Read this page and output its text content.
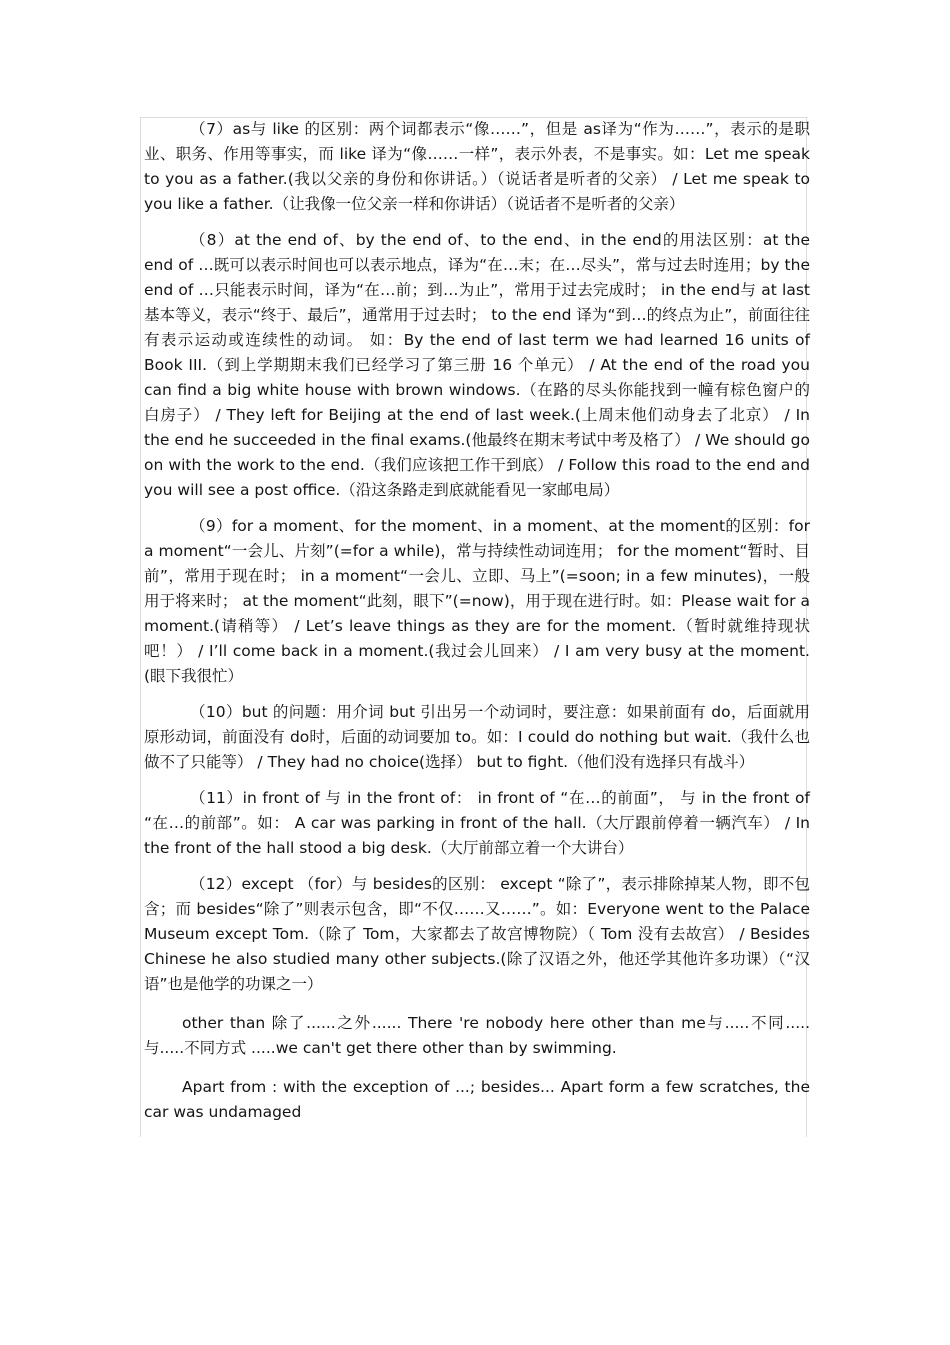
（7）as与 like 的区别：两个词都表示“像……”，但是 as译为“作为……”，表示的是职业、职务、作用等事实，而 like 译为“像……一样”，表示外表，不是事实。如：Let me speak to you as a father.(我以父亲的身份和你讲话。）（说话者是听者的父亲） / Let me speak to you like a father.（让我像一位父亲一样和你讲话）（说话者不是听者的父亲）

（8）at the end of、by the end of、to the end、in the end的用法区别：at the end of …既可以表示时间也可以表示地点，译为“在…末；在…尽头”，常与过去时连用；by the end of …只能表示时间，译为“在…前；到…为止”，常用于过去完成时； in the end与 at last基本等义，表示“终于、最后”，通常用于过去时； to the end 译为“到…的终点为止”，前面往往有表示运动或连续性的动词。 如：By the end of last term we had learned 16 units of Book III.（到上学期期末我们已经学习了第三册 16 个单元） / At the end of the road you can find a big white house with brown windows.（在路的尽头你能找到一幢有棕色窗户的白房子） / They left for Beijing at the end of last week.(上周末他们动身去了北京） / In the end he succeeded in the final exams.(他最终在期末考试中考及格了） / We should go on with the work to the end.（我们应该把工作干到底） / Follow this road to the end and you will see a post office.（沿这条路走到底就能看见一家邮电局）

（9）for a moment、for the moment、in a moment、at the moment的区别：for a moment“一会儿、片刻”(=for a while)，常与持续性动词连用； for the moment“暂时、目前”，常用于现在时； in a moment“一会儿、立即、马上”(=soon; in a few minutes)，一般用于将来时； at the moment“此刻，眼下”(=now)，用于现在进行时。如：Please wait for a moment.(请稍等） / Let’s leave things as they are for the moment.（暂时就维持现状吧！） / I’ll come back in a moment.(我过会儿回来） / I am very busy at the moment.(眼下我很忙）

（10）but 的问题：用介词 but 引出另一个动词时，要注意：如果前面有 do，后面就用原形动词，前面没有 do时，后面的动词要加 to。如：I could do nothing but wait.（我什么也做不了只能等） / They had no choice(选择） but to fight.（他们没有选择只有战斗）

（11）in front of 与 in the front of： in front of “在…的前面”， 与 in the front of “在…的前部”。如： A car was parking in front of the hall.（大厅跟前停着一辆汽车） / In the front of the hall stood a big desk.（大厅前部立着一个大讲台）

（12）except （for）与 besides的区别： except “除了”，表示排除掉某人物，即不包含；而 besides“除了”则表示包含，即“不仅……又……”。如：Everyone went to the Palace Museum except Tom.（除了 Tom，大家都去了故宫博物院）（ Tom 没有去故宫） / Besides Chinese he also studied many other subjects.(除了汉语之外，他还学其他许多功课）（“汉语”也是他学的功课之一）

other than 除了......之外...... There 're nobody here other than me与.....不同.....与.....不同方式 .....we can't get there other than by swimming.

Apart from : with the exception of ...; besides... Apart form a few scratches, the car was undamaged
